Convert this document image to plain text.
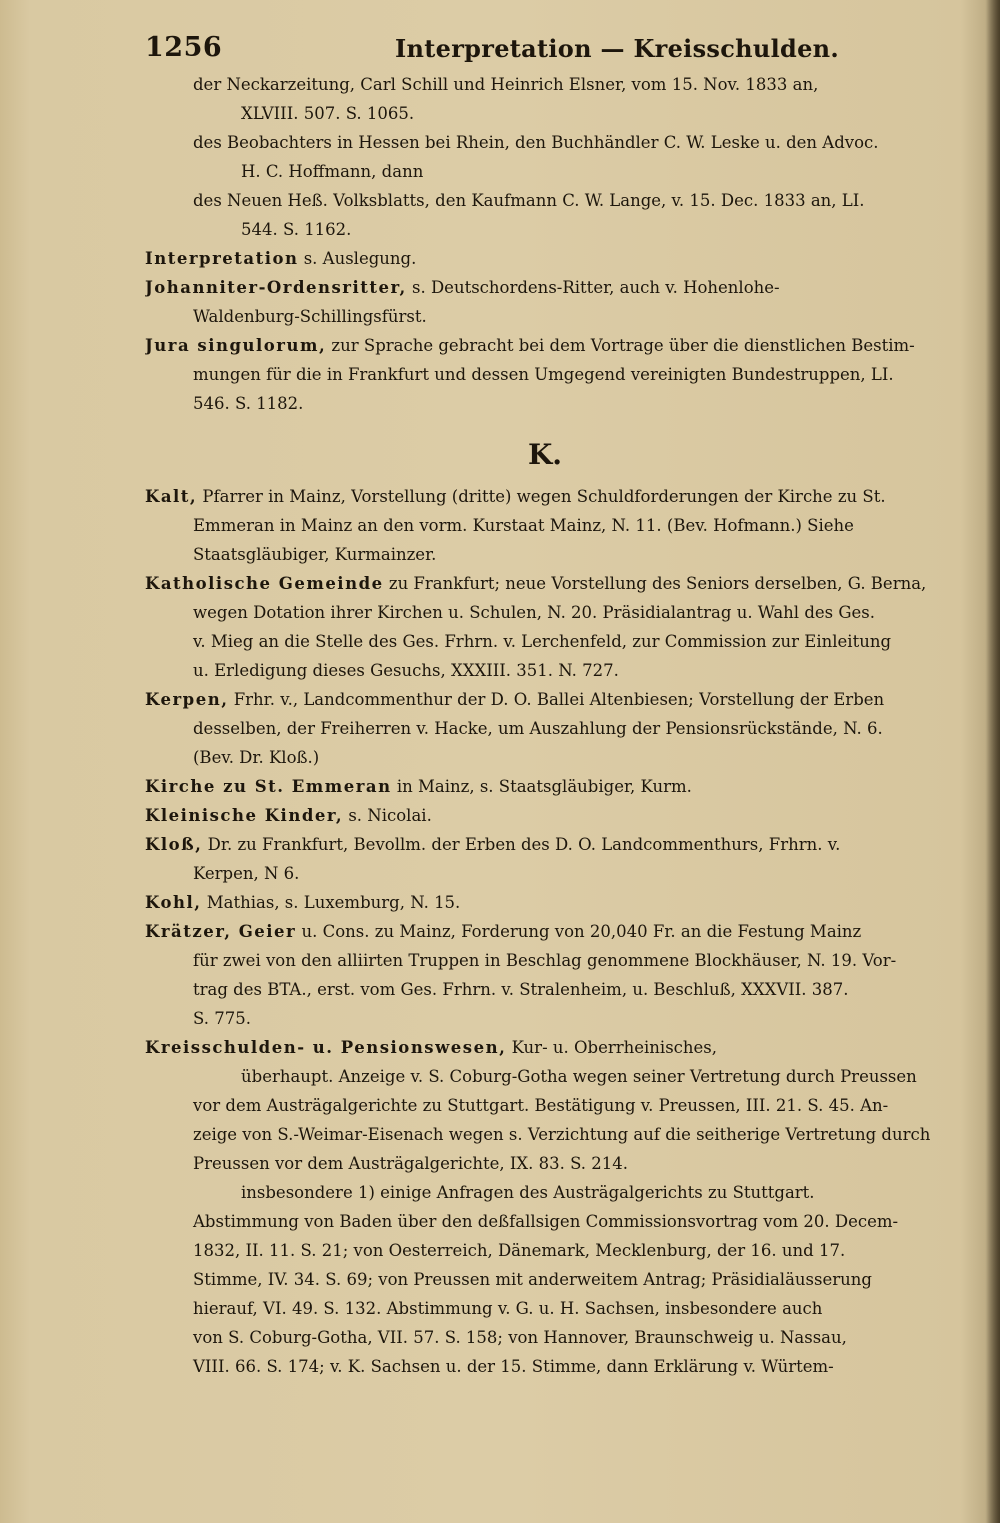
1256	Interpretation — Kreisschulden.
der Neckarzeitung, Carl Schill und Heinrich Elsner, vom 15. Nov. 1833 an,
XLVIII. 507. S. 1065.
des Beobachters in Hessen bei Rhein, den Buchhändler C. W. Leske u. den Advoc.
H. C. Hoffmann, dann
des Neuen Heß. Volksblatts, den Kaufmann C. W. Lange, v. 15. Dec. 1833 an, LI.
544. S. 1162.
Interpretation s. Auslegung.
Johanniter-Ordensritter, s. Deutschordens-Ritter, auch v. Hohenlohe-
Waldenburg-Schillingsfürst.
Jura singulorum, zur Sprache gebracht bei dem Vortrage über die dienstlichen Bestim-
mungen für die in Frankfurt und dessen Umgegend vereinigten Bundestruppen, LI.
546. S. 1182.
K.
Kalt, Pfarrer in Mainz, Vorstellung (dritte) wegen Schuldforderungen der Kirche zu St.
Emmeran in Mainz an den vorm. Kurstaat Mainz, N. 11. (Bev. Hofmann.) Siehe
Staatsgläubiger, Kurmainzer.
Katholische Gemeinde zu Frankfurt; neue Vorstellung des Seniors derselben, G. Berna,
wegen Dotation ihrer Kirchen u. Schulen, N. 20. Präsidialantrag u. Wahl des Ges.
v. Mieg an die Stelle des Ges. Frhrn. v. Lerchenfeld, zur Commission zur Einleitung
u. Erledigung dieses Gesuchs, XXXIII. 351. N. 727.
Kerpen, Frhr. v., Landcommenthur der D. O. Ballei Altenbiesen; Vorstellung der Erben
desselben, der Freiherren v. Hacke, um Auszahlung der Pensionsrückstände, N. 6.
(Bev. Dr. Kloß.)
Kirche zu St. Emmeran in Mainz, s. Staatsgläubiger, Kurm.
Kleinische Kinder, s. Nicolai.
Kloß, Dr. zu Frankfurt, Bevollm. der Erben des D. O. Landcommenthurs, Frhrn. v.
Kerpen, N 6.
Kohl, Mathias, s. Luxemburg, N. 15.
Krätzer, Geier u. Cons. zu Mainz, Forderung von 20,040 Fr. an die Festung Mainz
für zwei von den alliirten Truppen in Beschlag genommene Blockhäuser, N. 19. Vor-
trag des BTA., erst. vom Ges. Frhrn. v. Stralenheim, u. Beschluß, XXXVII. 387.
S. 775.
Kreisschulden- u. Pensionswesen, Kur- u. Oberrheinisches,
überhaupt. Anzeige v. S. Coburg-Gotha wegen seiner Vertretung durch Preussen
vor dem Austrägalgerichte zu Stuttgart. Bestätigung v. Preussen, III. 21. S. 45. An-
zeige von S.-Weimar-Eisenach wegen s. Verzichtung auf die seitherige Vertretung durch
Preussen vor dem Austrägalgerichte, IX. 83. S. 214.
insbesondere 1) einige Anfragen des Austrägalgerichts zu Stuttgart.
Abstimmung von Baden über den deßfallsigen Commissionsvortrag vom 20. Decem-
1832, II. 11. S. 21; von Oesterreich, Dänemark, Mecklenburg, der 16. und 17.
Stimme, IV. 34. S. 69; von Preussen mit anderweitem Antrag; Präsidialäusserung
hierauf, VI. 49. S. 132. Abstimmung v. G. u. H. Sachsen, insbesondere auch
von S. Coburg-Gotha, VII. 57. S. 158; von Hannover, Braunschweig u. Nassau,
VIII. 66. S. 174; v. K. Sachsen u. der 15. Stimme, dann Erklärung v. Würtem-
